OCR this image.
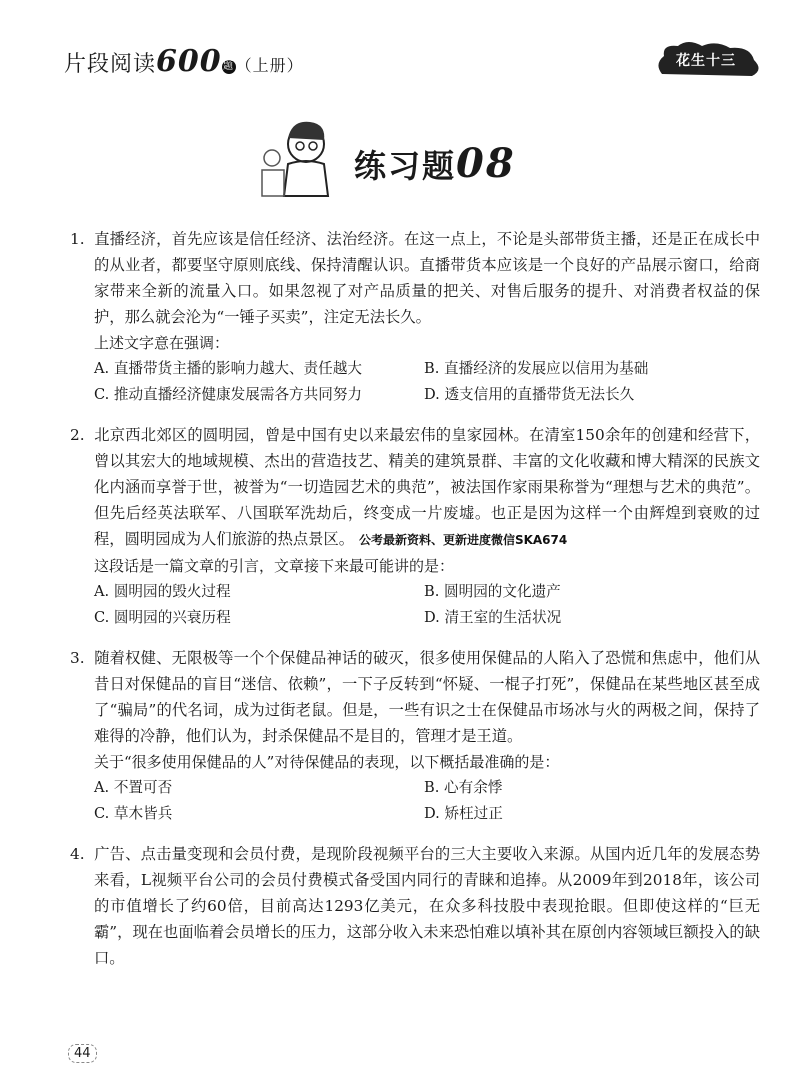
片段阅读600 题（上册）	花生十三
练习题08
1. 直播经济，首先应该是信任经济、法治经济。在这一点上，不论是头部带货主播，还是正在成长中的从业者，都要坚守原则底线、保持清醒认识。直播带货本应该是一个良好的产品展示窗口，给商家带来全新的流量入口。如果忽视了对产品质量的把关、对售后服务的提升、对消费者权益的保护，那么就会沦为“一锤子买卖”，注定无法长久。
上述文字意在强调：
A. 直播带货主播的影响力越大、责任越大	B. 直播经济的发展应以信用为基础
C. 推动直播经济健康发展需各方共同努力	D. 透支信用的直播带货无法长久
2. 北京西北郊区的圆明园，曾是中国有史以来最宏伟的皇家园林。在清室150余年的创建和经营下，曾以其宏大的地域规模、杰出的营造技艺、精美的建筑景群、丰富的文化收藏和博大精深的民族文化内涵而享誉于世，被誉为“一切造园艺术的典范”，被法国作家雨果称誉为“理想与艺术的典范”。但先后经英法联军、八国联军洗劫后，终变成一片废墟。也正是因为这样一个由辉煌到衰败的过程，圆明园成为人们旅游的热点景区。 公考最新资料、更新进度微信SKA674
这段话是一篇文章的引言，文章接下来最可能讲的是：
A. 圆明园的毁火过程	B. 圆明园的文化遗产
C. 圆明园的兴衰历程	D. 清王室的生活状况
3. 随着权健、无限极等一个个保健品神话的破灭，很多使用保健品的人陷入了恐慌和焦虑中，他们从昔日对保健品的盲目“迷信、依赖”，一下子反转到“怀疑、一棍子打死”，保健品在某些地区甚至成了“骗局”的代名词，成为过街老鼠。但是，一些有识之士在保健品市场冰与火的两极之间，保持了难得的冷静，他们认为，封杀保健品不是目的，管理才是王道。
关于“很多使用保健品的人”对待保健品的表现，以下概括最准确的是：
A. 不置可否	B. 心有余悸
C. 草木皆兵	D. 矫枉过正
4. 广告、点击量变现和会员付费，是现阶段视频平台的三大主要收入来源。从国内近几年的发展态势来看，L视频平台公司的会员付费模式备受国内同行的青睐和追捧。从2009年到2018年，该公司的市值增长了约60倍，目前高达1293亿美元，在众多科技股中表现抢眼。但即使这样的“巨无霸”，现在也面临着会员增长的压力，这部分收入未来恐怕难以填补其在原创内容领域巨额投入的缺口。
44
